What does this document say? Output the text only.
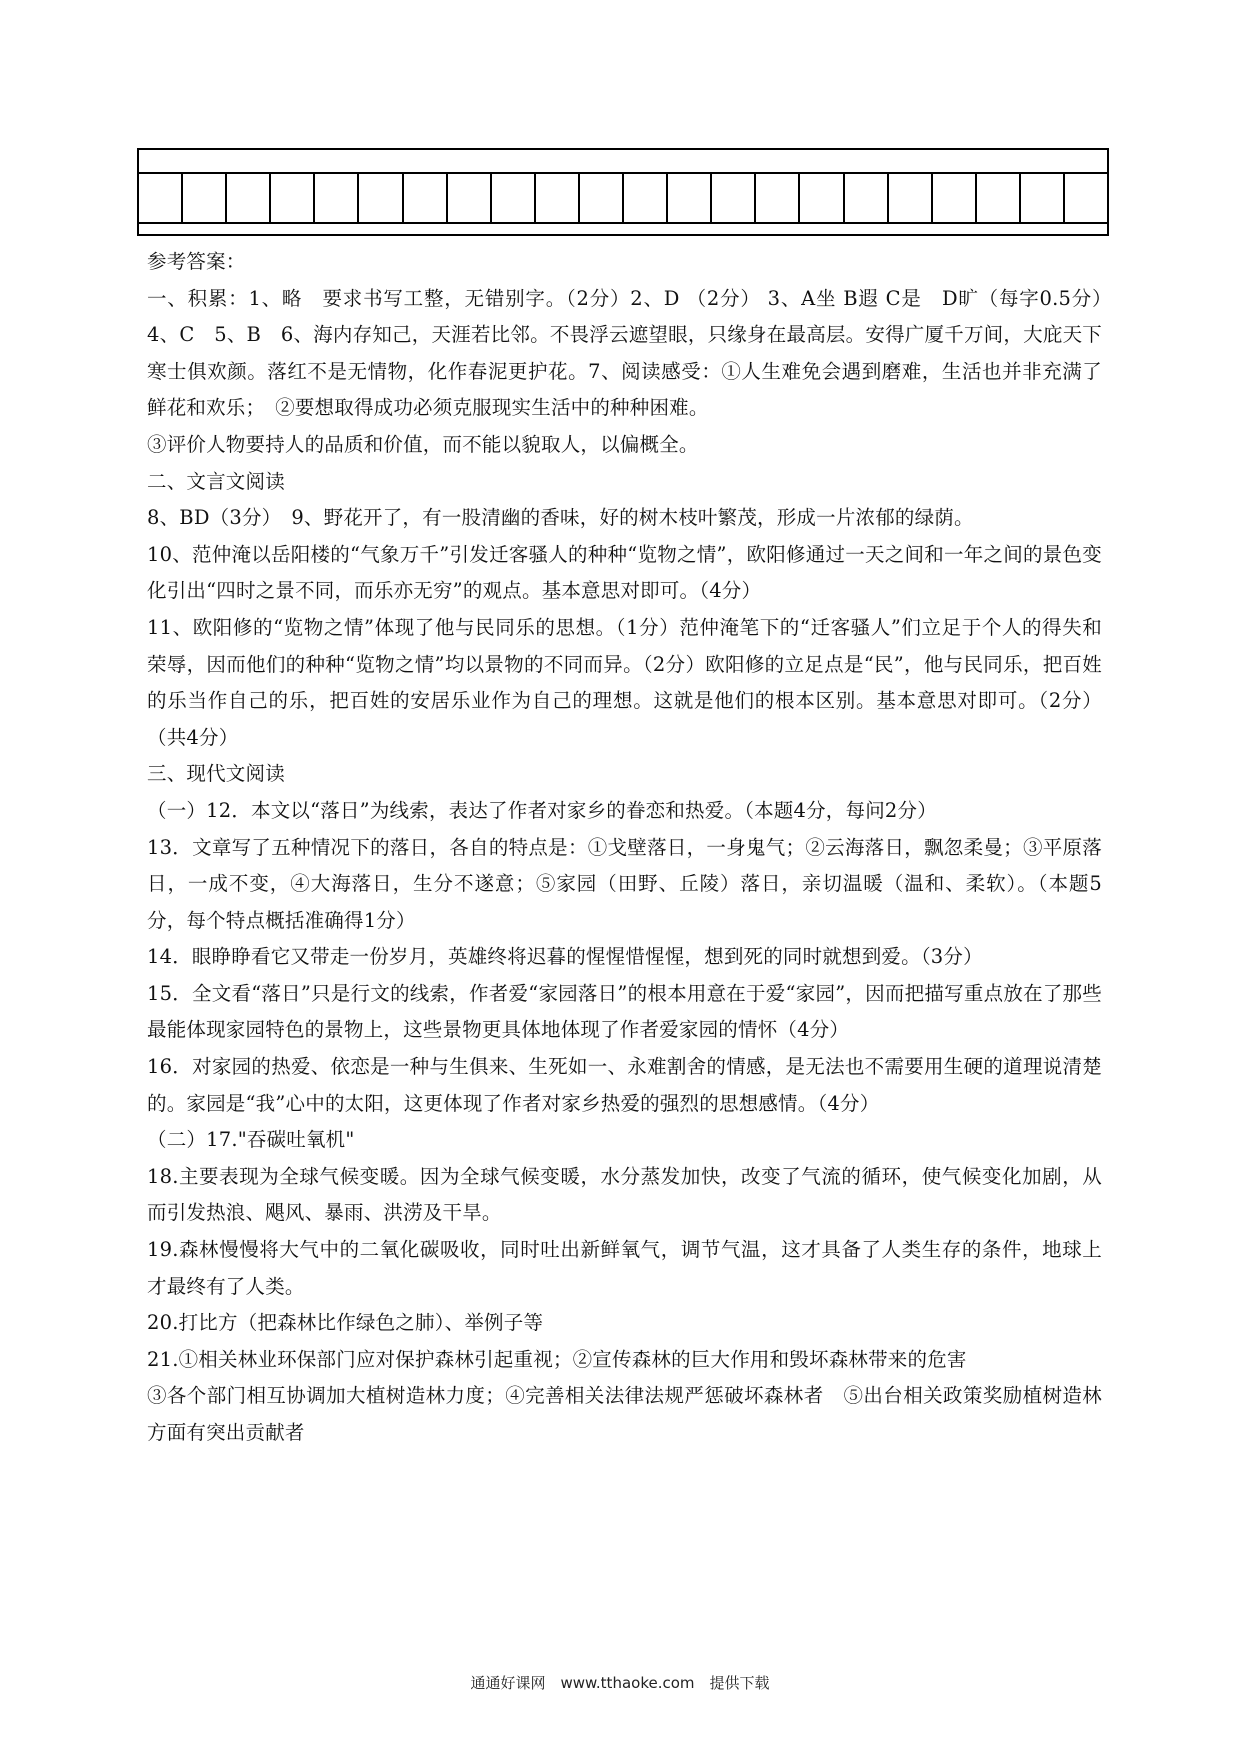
参考答案：

一、积累：1、略　要求书写工整，无错别字。（2分）2、D （2分） 3、A坐 B遐 C是　D旷（每字0.5分）　4、C　5、B　6、海内存知己，天涯若比邻。不畏浮云遮望眼，只缘身在最高层。安得广厦千万间，大庇天下寒士俱欢颜。落红不是无情物，化作春泥更护花。7、阅读感受：①人生难免会遇到磨难，生活也并非充满了鲜花和欢乐；　②要想取得成功必须克服现实生活中的种种困难。

③评价人物要持人的品质和价值，而不能以貌取人，以偏概全。

二、文言文阅读

8、BD（3分）　9、野花开了，有一股清幽的香味，好的树木枝叶繁茂，形成一片浓郁的绿荫。

10、范仲淹以岳阳楼的“气象万千”引发迁客骚人的种种“览物之情”，欧阳修通过一天之间和一年之间的景色变化引出“四时之景不同，而乐亦无穷”的观点。基本意思对即可。（4分）

11、欧阳修的“览物之情”体现了他与民同乐的思想。（1分）范仲淹笔下的“迁客骚人”们立足于个人的得失和荣辱，因而他们的种种“览物之情”均以景物的不同而异。（2分）欧阳修的立足点是“民”，他与民同乐，把百姓的乐当作自己的乐，把百姓的安居乐业作为自己的理想。这就是他们的根本区别。基本意思对即可。（2分）（共4分）

三、现代文阅读

（一）12．本文以“落日”为线索，表达了作者对家乡的眷恋和热爱。（本题4分，每问2分）

13．文章写了五种情况下的落日，各自的特点是：①戈壁落日，一身鬼气；②云海落日，飘忽柔曼；③平原落日，一成不变，④大海落日，生分不遂意；⑤家园（田野、丘陵）落日，亲切温暖（温和、柔软）。（本题5分，每个特点概括准确得1分）

14．眼睁睁看它又带走一份岁月，英雄终将迟暮的惺惺惜惺惺，想到死的同时就想到爱。（3分）

15．全文看“落日”只是行文的线索，作者爱“家园落日”的根本用意在于爱“家园”，因而把描写重点放在了那些最能体现家园特色的景物上，这些景物更具体地体现了作者爱家园的情怀（4分）

16．对家园的热爱、依恋是一种与生俱来、生死如一、永难割舍的情感，是无法也不需要用生硬的道理说清楚的。家园是“我”心中的太阳，这更体现了作者对家乡热爱的强烈的思想感情。（4分）

（二）17."吞碳吐氧机"

18.主要表现为全球气候变暖。因为全球气候变暖，水分蒸发加快，改变了气流的循环，使气候变化加剧，从而引发热浪、飓风、暴雨、洪涝及干旱。

19.森林慢慢将大气中的二氧化碳吸收，同时吐出新鲜氧气，调节气温，这才具备了人类生存的条件，地球上才最终有了人类。

20.打比方（把森林比作绿色之肺）、举例子等

21.①相关林业环保部门应对保护森林引起重视；②宣传森林的巨大作用和毁坏森林带来的危害

③各个部门相互协调加大植树造林力度；④完善相关法律法规严惩破坏森林者　⑤出台相关政策奖励植树造林方面有突出贡献者

通通好课网　www.tthaoke.com　提供下载
